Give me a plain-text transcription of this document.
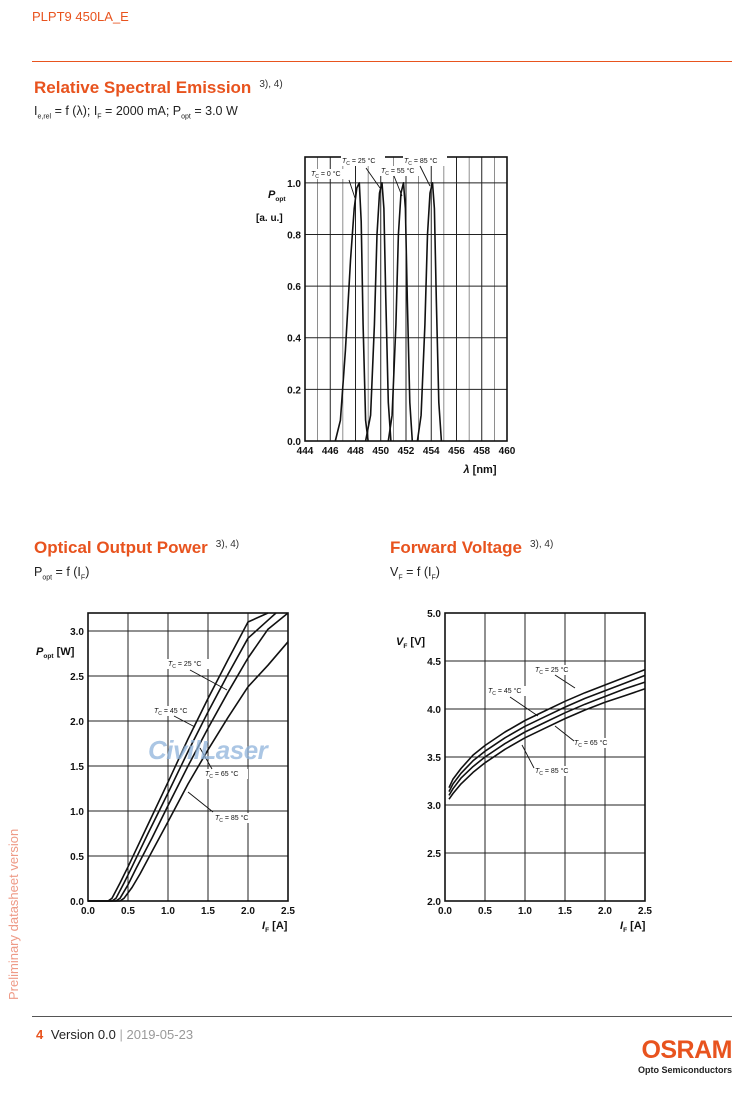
PLPT9 450LA_E
Relative Spectral Emission $^{3), 4)}$
$I_{e,rel} = f$ (λ); $I_F = 2000$ mA; $P_{opt} = 3.0$ W
444 446 448 450 452 454 456 458 460
0.0
0.2
0.4
0.6
0.8
1.0
$P_{opt}$
[a. u.]
λ [nm]
$T_C = 0$ °C
$T_C = 25$ °C
$T_C = 55$ °C
$T_C = 85$ °C
0.0	0.5	1.0	1.5	2.0	2.5
0.0
0.5
1.0
1.5
2.0
2.5
3.0
$P_{opt}$ [W]
$I_F$ [A]
$T_C = 25$ °C
$T_C = 45$ °C
$T_C = 65$ °C
$T_C = 85$ °C
0.0	0.5	1.0	1.5	2.0	2.5
2.0
2.5
3.0
3.5
4.0
4.5
5.0
$V_F$ [V]
$I_F$ [A]
$T_C = 25$ °C
$T_C = 45$ °C
$T_C = 65$ °C
$T_C = 85$ °C
Optical Output Power $^{3), 4)}$
$P_{opt} = f$ $(I_F)$
Forward Voltage $^{3), 4)}$
$V_F = f$ $(I_F)$
CivilLaser
Preliminary datasheet version
4 Version 0.0 | 2019-05-23
OSRAM
Opto Semiconductors
